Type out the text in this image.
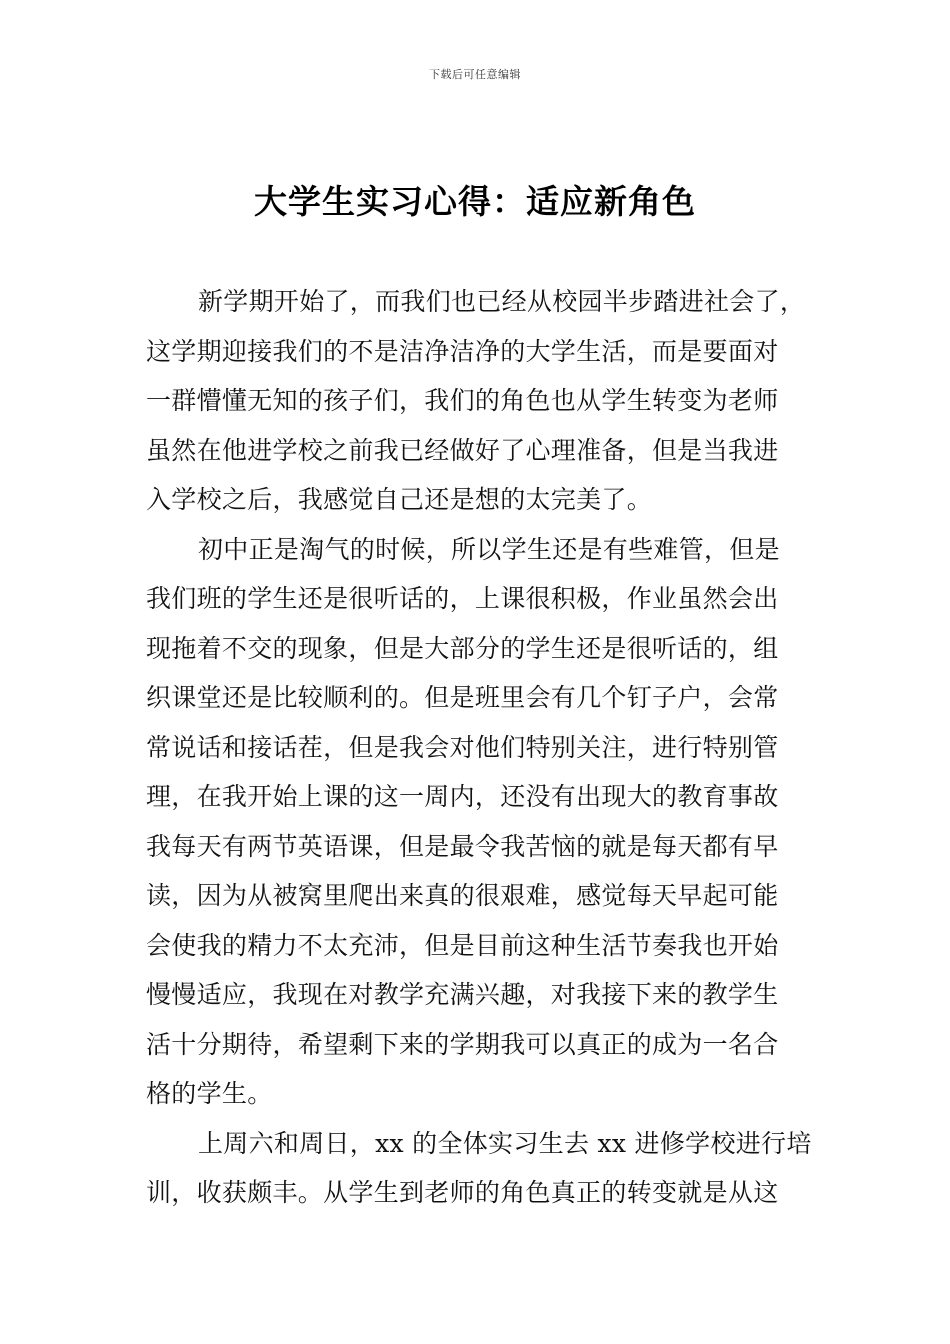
下载后可任意编辑
大学生实习心得：适应新角色
新学期开始了，而我们也已经从校园半步踏进社会了，
这学期迎接我们的不是洁净洁净的大学生活，而是要面对
一群懵懂无知的孩子们，我们的角色也从学生转变为老师
虽然在他进学校之前我已经做好了心理准备，但是当我进
入学校之后，我感觉自己还是想的太完美了。
初中正是淘气的时候，所以学生还是有些难管，但是
我们班的学生还是很听话的，上课很积极，作业虽然会出
现拖着不交的现象，但是大部分的学生还是很听话的，组
织课堂还是比较顺利的。但是班里会有几个钉子户，会常
常说话和接话茬，但是我会对他们特别关注，进行特别管
理，在我开始上课的这一周内，还没有出现大的教育事故
我每天有两节英语课，但是最令我苦恼的就是每天都有早
读，因为从被窝里爬出来真的很艰难，感觉每天早起可能
会使我的精力不太充沛，但是目前这种生活节奏我也开始
慢慢适应，我现在对教学充满兴趣，对我接下来的教学生
活十分期待，希望剩下来的学期我可以真正的成为一名合
格的学生。
上周六和周日，xx 的全体实习生去 xx 进修学校进行培
训，收获颇丰。从学生到老师的角色真正的转变就是从这
